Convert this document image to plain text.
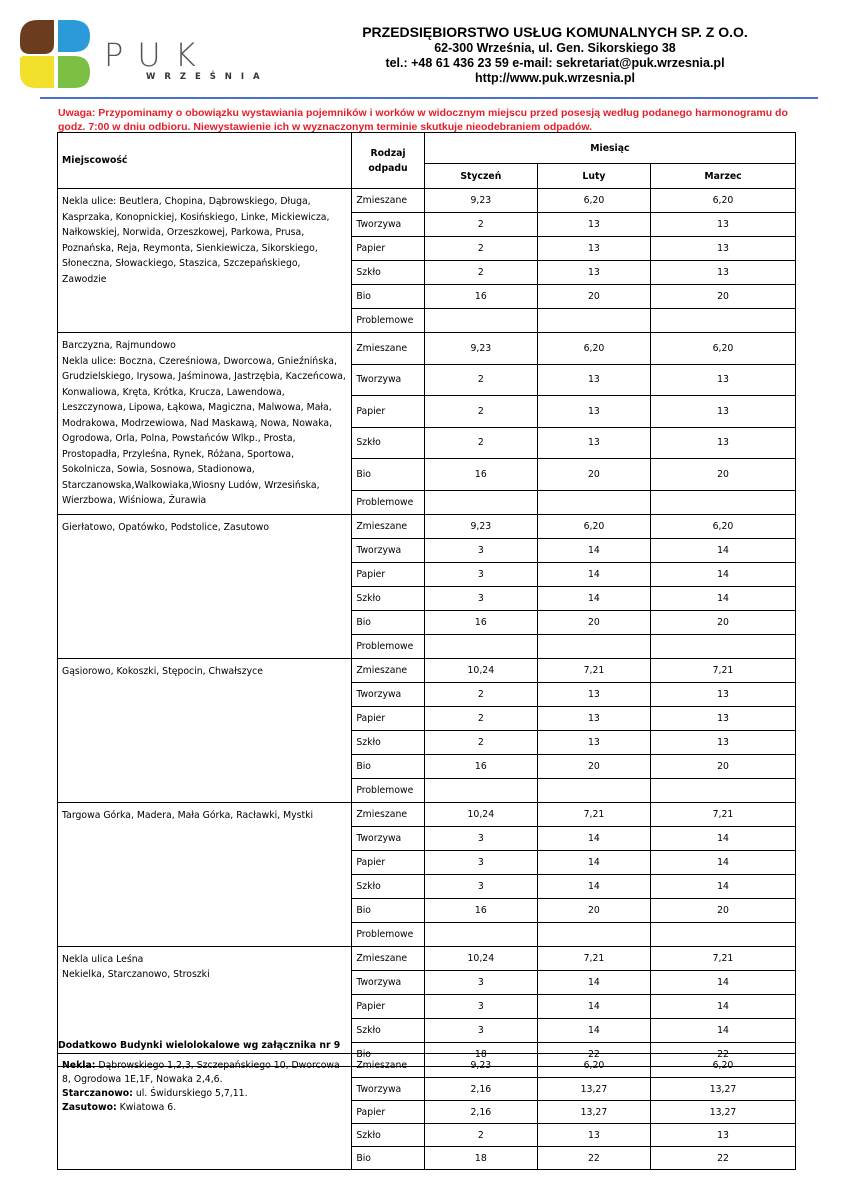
PUK
W R Z E Ś N I A
PRZEDSIĘBIORSTWO USŁUG KOMUNALNYCH SP. Z O.O.
62-300 Września, ul. Gen. Sikorskiego 38
tel.: +48 61 436 23 59 e-mail: sekretariat@puk.wrzesnia.pl
http://www.puk.wrzesnia.pl
Uwaga: Przypominamy o obowiązku wystawiania pojemników i worków w widocznym miejscu przed posesją według podanego harmonogramu do godz. 7:00 w dniu odbioru. Niewystawienie ich w wyznaczonym terminie skutkuje nieodebraniem odpadów.
Miejscowość	Rodzaj odpadu	Miesiąc		
		Styczeń	Luty	Marzec
Nekla ulice: Beutlera, Chopina, Dąbrowskiego, Długa, Kasprzaka, Konopnickiej, Kosińskiego, Linke, Mickiewicza, Nałkowskiej, Norwida, Orzeszkowej, Parkowa, Prusa, Poznańska, Reja, Reymonta, Sienkiewicza, Sikorskiego, Słoneczna, Słowackiego, Staszica, Szczepańskiego, Zawodzie	Zmieszane	9,23	6,20	6,20
	Tworzywa	2	13	13
	Papier	2	13	13
	Szkło	2	13	13
	Bio	16	20	20
	Problemowe			
Barczyzna, Rajmundowo
Nekla ulice: Boczna, Czereśniowa, Dworcowa, Gnieźnińska, Grudzielskiego, Irysowa, Jaśminowa, Jastrzębia, Kaczeńcowa, Konwaliowa, Kręta, Krótka, Krucza, Lawendowa, Leszczynowa, Lipowa, Łąkowa, Magiczna, Malwowa, Mała, Modrakowa, Modrzewiowa, Nad Maskawą, Nowa, Nowaka, Ogrodowa, Orla, Polna, Powstańców Wlkp., Prosta, Prostopadła, Przyleśna, Rynek, Różana, Sportowa, Sokolnicza, Sowia, Sosnowa, Stadionowa, Starczanowska,Walkowiaka,Wiosny Ludów, Wrzesińska, Wierzbowa, Wiśniowa, Żurawia	Zmieszane	9,23	6,20	6,20
	Tworzywa	2	13	13
	Papier	2	13	13
	Szkło	2	13	13
	Bio	16	20	20
	Problemowe			
Gierłatowo, Opatówko, Podstolice, Zasutowo	Zmieszane	9,23	6,20	6,20
	Tworzywa	3	14	14
	Papier	3	14	14
	Szkło	3	14	14
	Bio	16	20	20
	Problemowe			
Gąsiorowo, Kokoszki, Stępocin, Chwałszyce	Zmieszane	10,24	7,21	7,21
	Tworzywa	2	13	13
	Papier	2	13	13
	Szkło	2	13	13
	Bio	16	20	20
	Problemowe			
Targowa Górka, Madera, Mała Górka, Racławki, Mystki	Zmieszane	10,24	7,21	7,21
	Tworzywa	3	14	14
	Papier	3	14	14
	Szkło	3	14	14
	Bio	16	20	20
	Problemowe			
Nekla ulica Leśna
Nekielka, Starczanowo, Stroszki	Zmieszane	10,24	7,21	7,21
	Tworzywa	3	14	14
	Papier	3	14	14
	Szkło	3	14	14
	Bio	18	22	22
Dodatkowo Budynki wielolokalowe wg załącznika nr 9
Nekla: Dąbrowskiego 1,2,3, Szczepańskiego 10, Dworcowa 8, Ogrodowa 1E,1F, Nowaka 2,4,6.
Starczanowo: ul. Świdurskiego 5,7,11.
Zasutowo: Kwiatowa 6.	Zmieszane	9,23	6,20	6,20
	Tworzywa	2,16	13,27	13,27
	Papier	2,16	13,27	13,27
	Szkło	2	13	13
	Bio	18	22	22
